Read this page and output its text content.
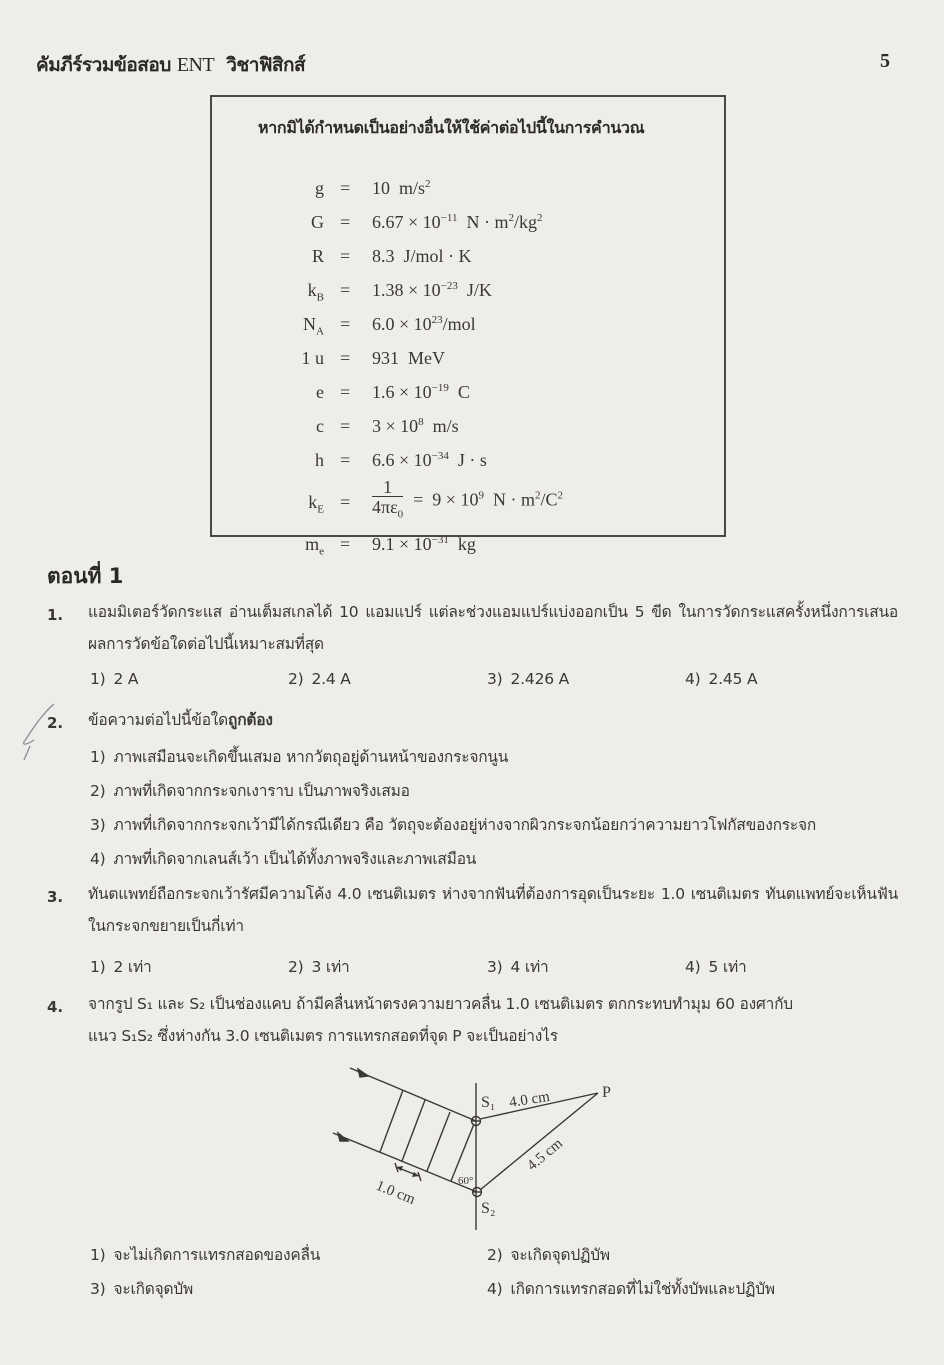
คัมภีร์รวมข้อสอบ ENT วิชาฟิสิกส์	5
หากมิได้กำหนดเป็นอย่างอื่นให้ใช้ค่าต่อไปนี้ในการคำนวณ
g = 10  $m/s^2$
$G = 6.67 \times 10^{-11}$  $N \cdot m^2/kg^2$
R = 8.3  J/mol · K
$k_B = 1.38 \times 10^{-23}$  J/K
$N_A = 6.0 \times 10^{23}/mol$
1 u = 931  MeV
$e = 1.6 \times 10^{-19}$  C
$c = 3 \times 10^8$  m/s
$h = 6.6 \times 10^{-34}$  J · s
$k_E = \frac{1}{4\pi\varepsilon_0} = 9 \times 10^9$  $N \cdot m^2/C^2$
$m_e = 9.1 \times 10^{-31}$  kg
ตอนที่ 1
1. แอมมิเตอร์วัดกระแส อ่านเต็มสเกลได้ 10 แอมแปร์ แต่ละช่วงแอมแปร์แบ่งออกเป็น 5 ขีด ในการวัดกระแสครั้งหนึ่งการเสนอผลการวัดข้อใดต่อไปนี้เหมาะสมที่สุด
1) 2 A	2) 2.4 A	3) 2.426 A	4) 2.45 A
2. ข้อความต่อไปนี้ข้อใดถูกต้อง
1) ภาพเสมือนจะเกิดขึ้นเสมอ หากวัตถุอยู่ด้านหน้าของกระจกนูน
2) ภาพที่เกิดจากกระจกเงาราบ เป็นภาพจริงเสมอ
3) ภาพที่เกิดจากกระจกเว้ามีได้กรณีเดียว คือ วัตถุจะต้องอยู่ห่างจากผิวกระจกน้อยกว่าความยาวโฟกัสของกระจก
4) ภาพที่เกิดจากเลนส์เว้า เป็นได้ทั้งภาพจริงและภาพเสมือน
3. ทันตแพทย์ถือกระจกเว้ารัศมีความโค้ง 4.0 เซนติเมตร ห่างจากฟันที่ต้องการอุดเป็นระยะ 1.0 เซนติเมตร ทันตแพทย์จะเห็นฟันในกระจกขยายเป็นกี่เท่า
1) 2 เท่า	2) 3 เท่า	3) 4 เท่า	4) 5 เท่า
4. จากรูป S₁ และ S₂ เป็นช่องแคบ ถ้ามีคลื่นหน้าตรงความยาวคลื่น 1.0 เซนติเมตร ตกกระทบทำมุม 60 องศากับ
แนว S₁S₂ ซึ่งห่างกัน 3.0 เซนติเมตร การแทรกสอดที่จุด P จะเป็นอย่างไร
S₁
S₂
P
4.0 cm
4.5 cm
1.0 cm	60°
1) จะไม่เกิดการแทรกสอดของคลื่น	2) จะเกิดจุดปฏิบัพ
3) จะเกิดจุดบัพ	4) เกิดการแทรกสอดที่ไม่ใช่ทั้งบัพและปฏิบัพ
